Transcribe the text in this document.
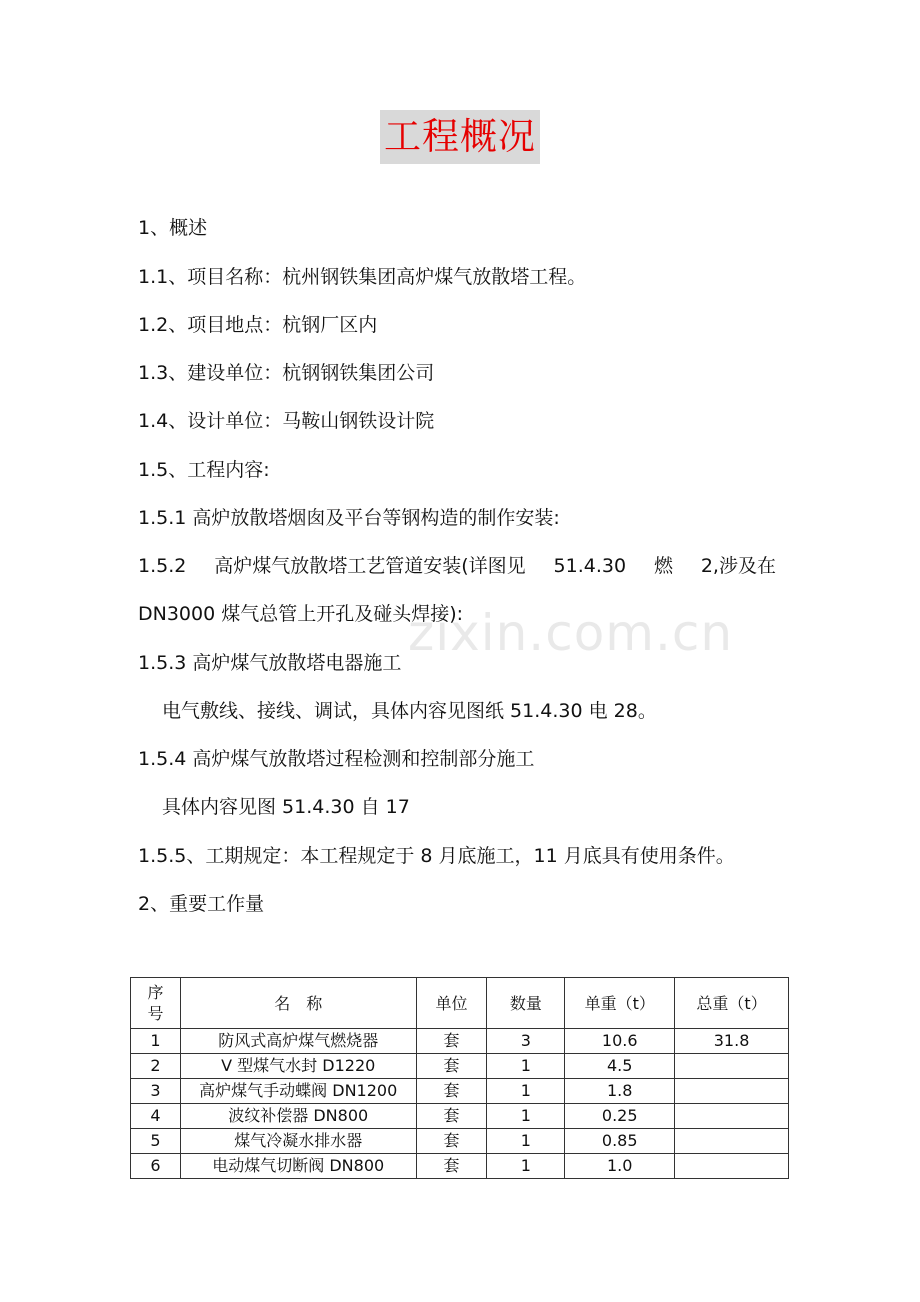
工程概况
zixin.com.cn
1、概述
1.1、项目名称：杭州钢铁集团高炉煤气放散塔工程。
1.2、项目地点：杭钢厂区内
1.3、建设单位：杭钢钢铁集团公司
1.4、设计单位：马鞍山钢铁设计院
1.5、工程内容:
1.5.1 高炉放散塔烟囱及平台等钢构造的制作安装:
1.5.2 高炉煤气放散塔工艺管道安装(详图见 51.4.30 燃 2,涉及在
DN3000 煤气总管上开孔及碰头焊接):
1.5.3 高炉煤气放散塔电器施工
电气敷线、接线、调试，具体内容见图纸 51.4.30 电 28。
1.5.4 高炉煤气放散塔过程检测和控制部分施工
具体内容见图 51.4.30 自 17
1.5.5、工期规定：本工程规定于 8 月底施工，11 月底具有使用条件。
2、重要工作量
序号	名　称	单位	数量	单重（t）	总重（t）
1	防风式高炉煤气燃烧器	套	3	10.6	31.8
2	V 型煤气水封 D1220	套	1	4.5	
3	高炉煤气手动蝶阀 DN1200	套	1	1.8	
4	波纹补偿器 DN800	套	1	0.25	
5	煤气冷凝水排水器	套	1	0.85	
6	电动煤气切断阀 DN800	套	1	1.0	
